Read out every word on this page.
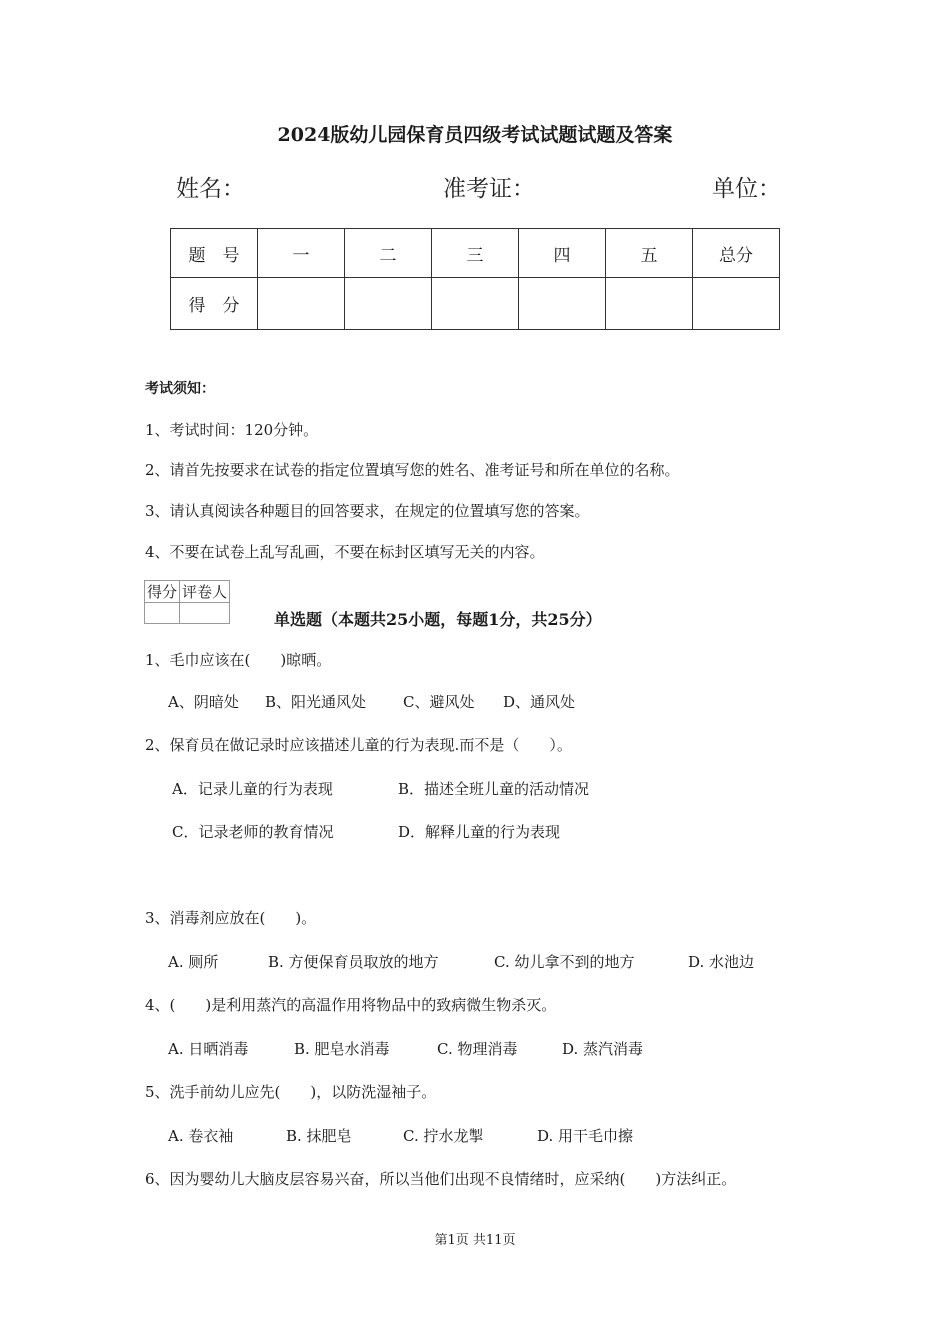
2024版幼儿园保育员四级考试试题试题及答案
姓名：	准考证：	单位：
题　号	一	二	三	四	五	总分
得　分						
考试须知：
1、考试时间：120分钟。
2、请首先按要求在试卷的指定位置填写您的姓名、准考证号和所在单位的名称。
3、请认真阅读各种题目的回答要求，在规定的位置填写您的答案。
4、不要在试卷上乱写乱画，不要在标封区填写无关的内容。
得分	评卷人

单选题（本题共25小题，每题1分，共25分）
1、毛巾应该在(　　)晾晒。
A、阴暗处 B、阳光通风处 C、避风处 D、通风处
2、保育员在做记录时应该描述儿童的行为表现.而不是（　　）。
A．记录儿童的行为表现	B．描述全班儿童的活动情况
C．记录老师的教育情况	D．解释儿童的行为表现
3、消毒剂应放在(　　)。
A. 厕所	B. 方便保育员取放的地方	C. 幼儿拿不到的地方	D. 水池边
4、(　　)是利用蒸汽的高温作用将物品中的致病微生物杀灭。
A. 日晒消毒	B. 肥皂水消毒	C. 物理消毒	D. 蒸汽消毒
5、洗手前幼儿应先(　　)，以防洗湿袖子。
A. 卷衣袖	B. 抹肥皂	C. 拧水龙掣	D. 用干毛巾擦
6、因为婴幼儿大脑皮层容易兴奋，所以当他们出现不良情绪时，应采纳(　　)方法纠正。
第1页 共11页
